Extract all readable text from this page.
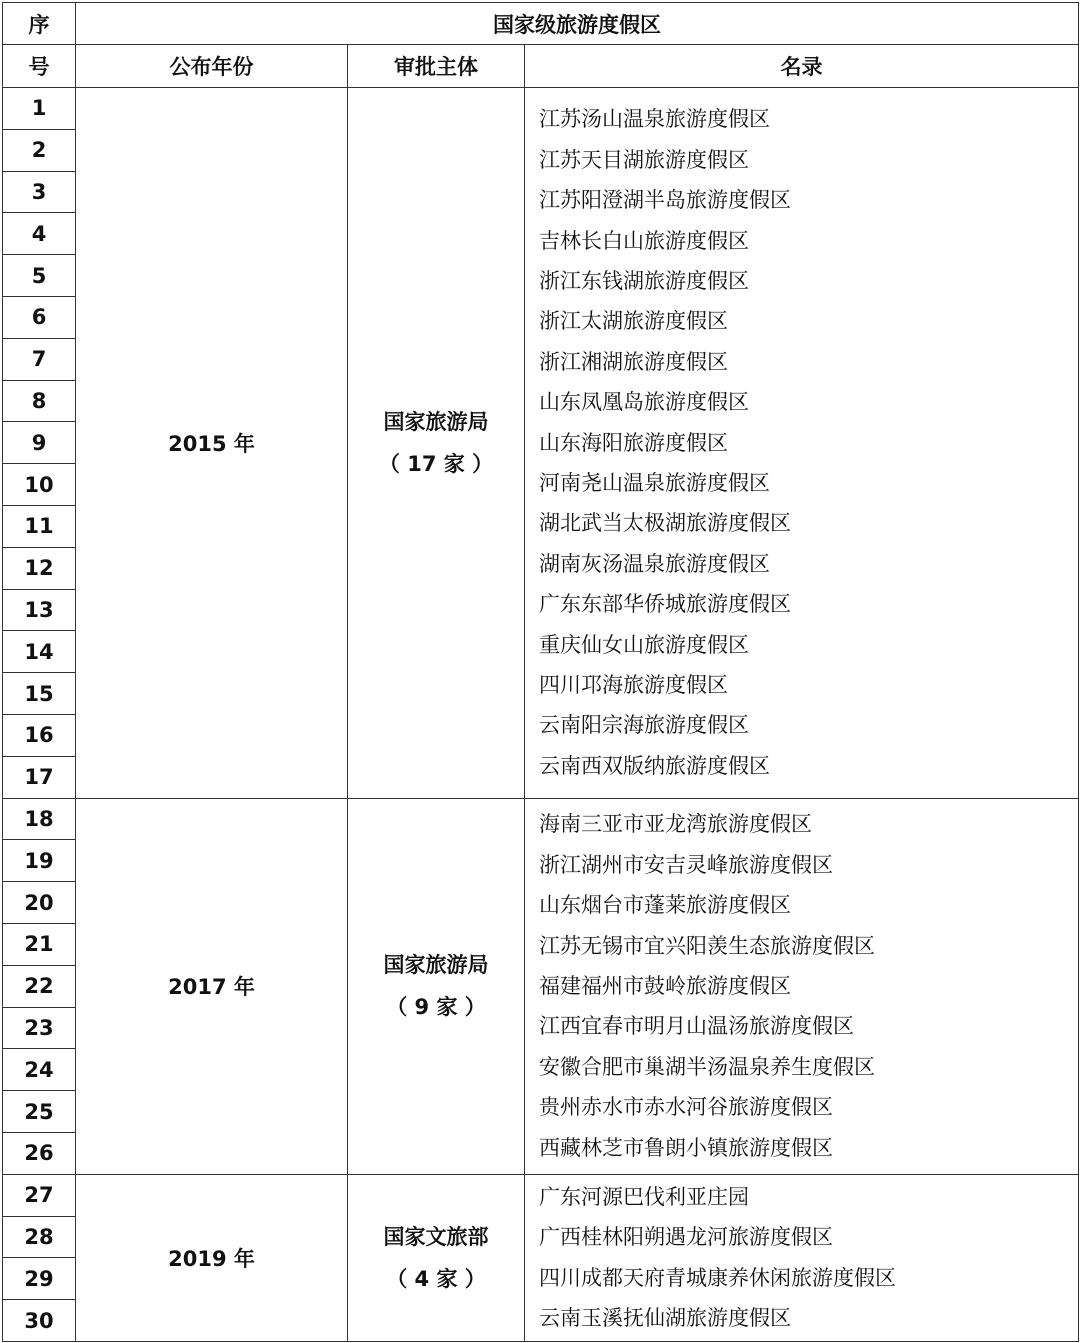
序
号
国家级旅游度假区
公布年份	审批主体	名录
1
2
3
4
5
6
7
8
9
10
11
12
13
14
15
16
17
2015 年
国家旅游局
（ 17 家 ）
江苏汤山温泉旅游度假区
江苏天目湖旅游度假区
江苏阳澄湖半岛旅游度假区
吉林长白山旅游度假区
浙江东钱湖旅游度假区
浙江太湖旅游度假区
浙江湘湖旅游度假区
山东凤凰岛旅游度假区
山东海阳旅游度假区
河南尧山温泉旅游度假区
湖北武当太极湖旅游度假区
湖南灰汤温泉旅游度假区
广东东部华侨城旅游度假区
重庆仙女山旅游度假区
四川邛海旅游度假区
云南阳宗海旅游度假区
云南西双版纳旅游度假区
18
19
20
21
22
23
24
25
26
2017 年
国家旅游局
（ 9 家 ）
海南三亚市亚龙湾旅游度假区
浙江湖州市安吉灵峰旅游度假区
山东烟台市蓬莱旅游度假区
江苏无锡市宜兴阳羡生态旅游度假区
福建福州市鼓岭旅游度假区
江西宜春市明月山温汤旅游度假区
安徽合肥市巢湖半汤温泉养生度假区
贵州赤水市赤水河谷旅游度假区
西藏林芝市鲁朗小镇旅游度假区
27
28
29
30
2019 年
国家文旅部
（ 4 家 ）
广东河源巴伐利亚庄园
广西桂林阳朔遇龙河旅游度假区
四川成都天府青城康养休闲旅游度假区
云南玉溪抚仙湖旅游度假区
